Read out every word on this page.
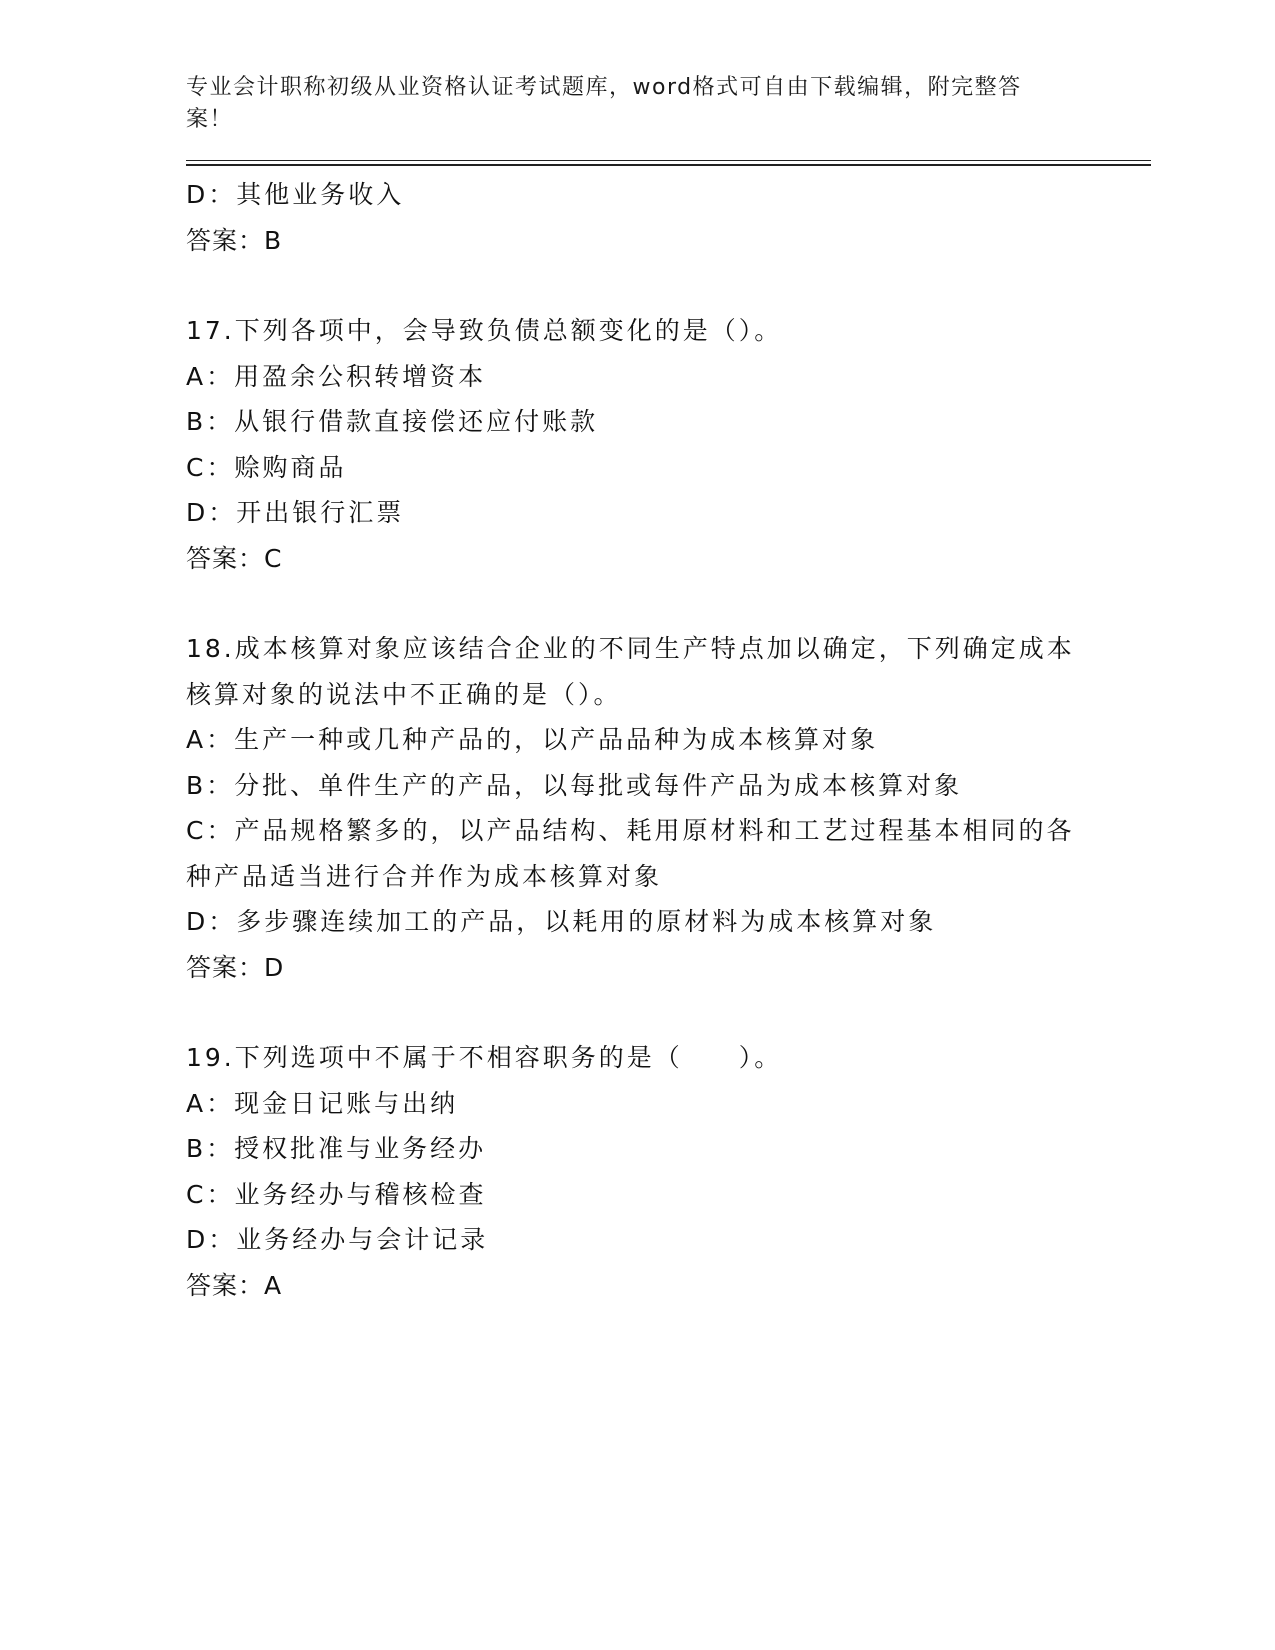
专业会计职称初级从业资格认证考试题库，word格式可自由下载编辑，附完整答案！
D：其他业务收入
答案：B
17.下列各项中，会导致负债总额变化的是（）。
A：用盈余公积转增资本
B：从银行借款直接偿还应付账款
C：赊购商品
D：开出银行汇票
答案：C
18.成本核算对象应该结合企业的不同生产特点加以确定，下列确定成本核算对象的说法中不正确的是（）。
A：生产一种或几种产品的，以产品品种为成本核算对象
B：分批、单件生产的产品，以每批或每件产品为成本核算对象
C：产品规格繁多的，以产品结构、耗用原材料和工艺过程基本相同的各种产品适当进行合并作为成本核算对象
D：多步骤连续加工的产品，以耗用的原材料为成本核算对象
答案：D
19.下列选项中不属于不相容职务的是（　　）。
A：现金日记账与出纳
B：授权批准与业务经办
C：业务经办与稽核检查
D：业务经办与会计记录
答案：A
